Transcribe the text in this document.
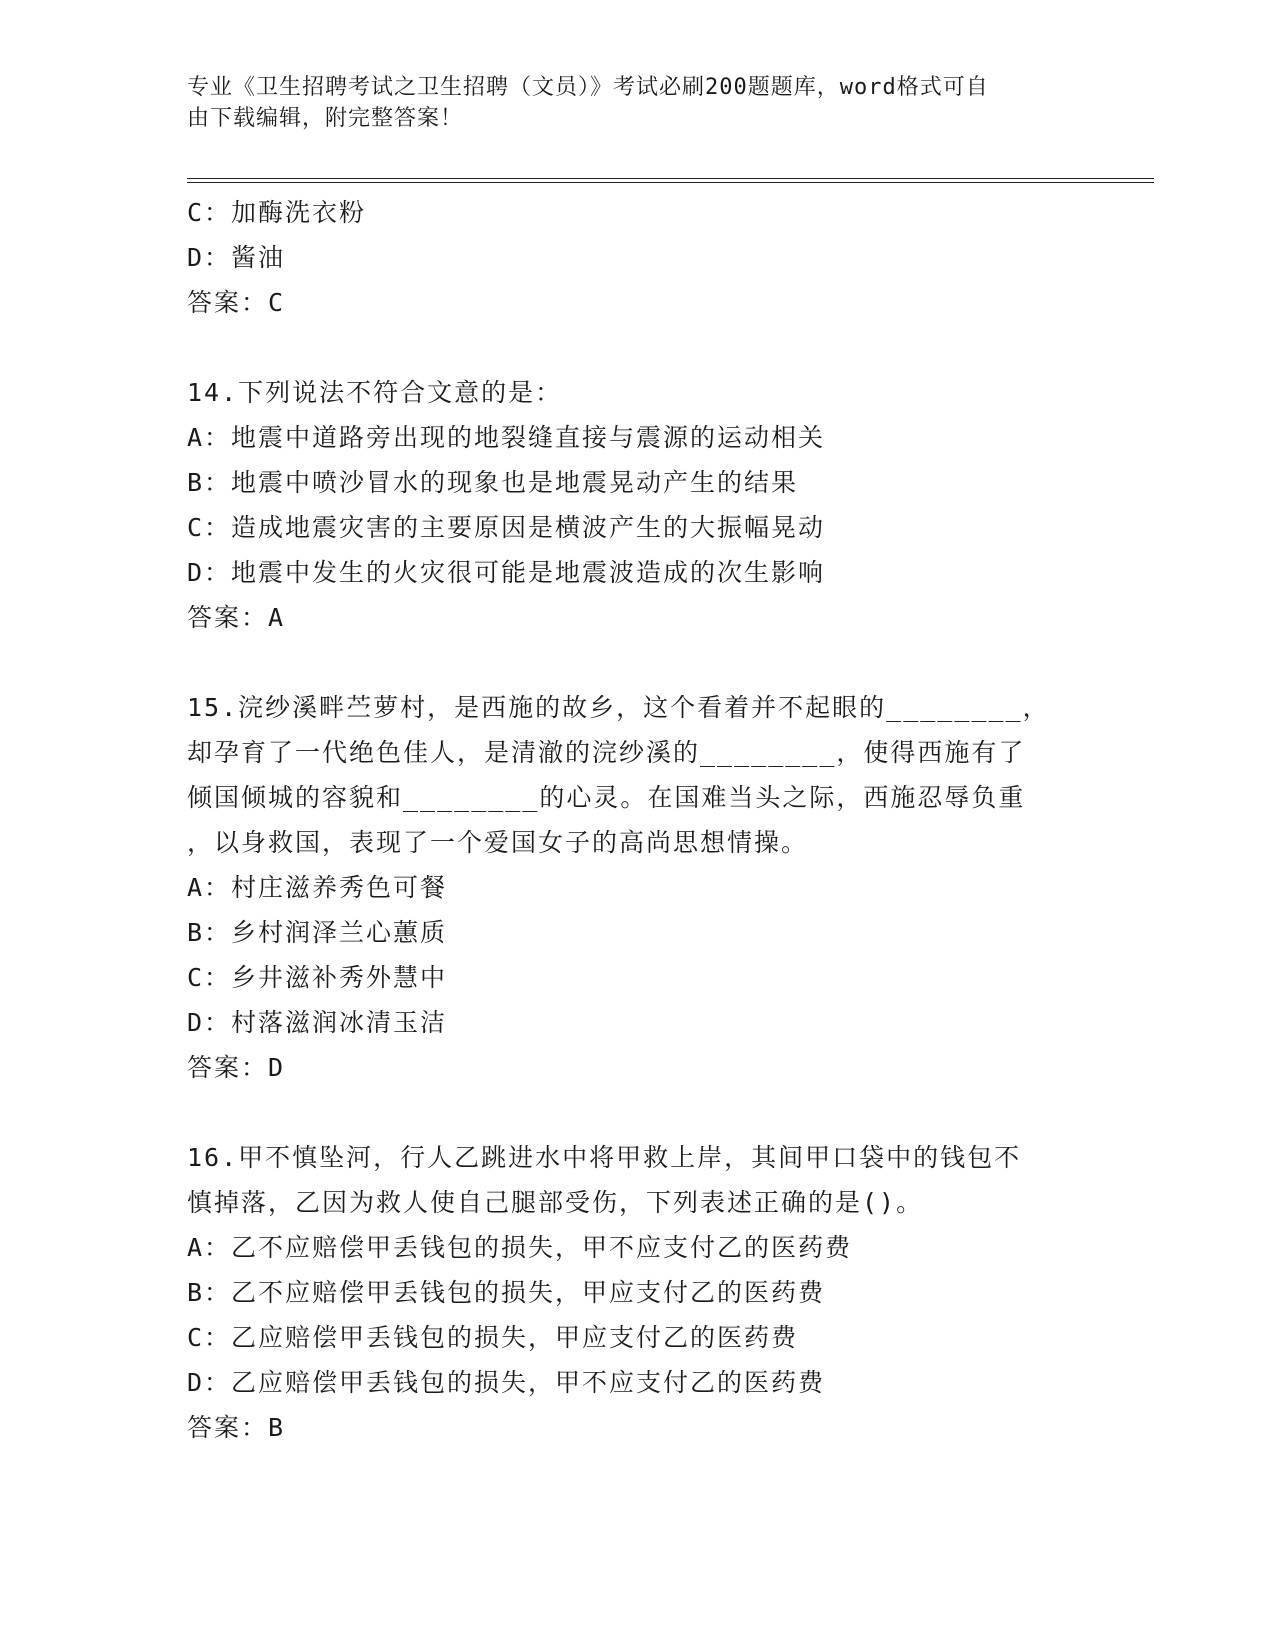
专业《卫生招聘考试之卫生招聘（文员）》考试必刷200题题库，word格式可自
由下载编辑，附完整答案！
C：加酶洗衣粉
D：酱油
答案：C
14.下列说法不符合文意的是：
A：地震中道路旁出现的地裂缝直接与震源的运动相关
B：地震中喷沙冒水的现象也是地震晃动产生的结果
C：造成地震灾害的主要原因是横波产生的大振幅晃动
D：地震中发生的火灾很可能是地震波造成的次生影响
答案：A
15.浣纱溪畔苎萝村，是西施的故乡，这个看着并不起眼的________，
却孕育了一代绝色佳人，是清澈的浣纱溪的________，使得西施有了
倾国倾城的容貌和________的心灵。在国难当头之际，西施忍辱负重
，以身救国，表现了一个爱国女子的高尚思想情操。
A：村庄滋养秀色可餐
B：乡村润泽兰心蕙质
C：乡井滋补秀外慧中
D：村落滋润冰清玉洁
答案：D
16.甲不慎坠河，行人乙跳进水中将甲救上岸，其间甲口袋中的钱包不
慎掉落，乙因为救人使自己腿部受伤，下列表述正确的是()。
A：乙不应赔偿甲丢钱包的损失，甲不应支付乙的医药费
B：乙不应赔偿甲丢钱包的损失，甲应支付乙的医药费
C：乙应赔偿甲丢钱包的损失，甲应支付乙的医药费
D：乙应赔偿甲丢钱包的损失，甲不应支付乙的医药费
答案：B
